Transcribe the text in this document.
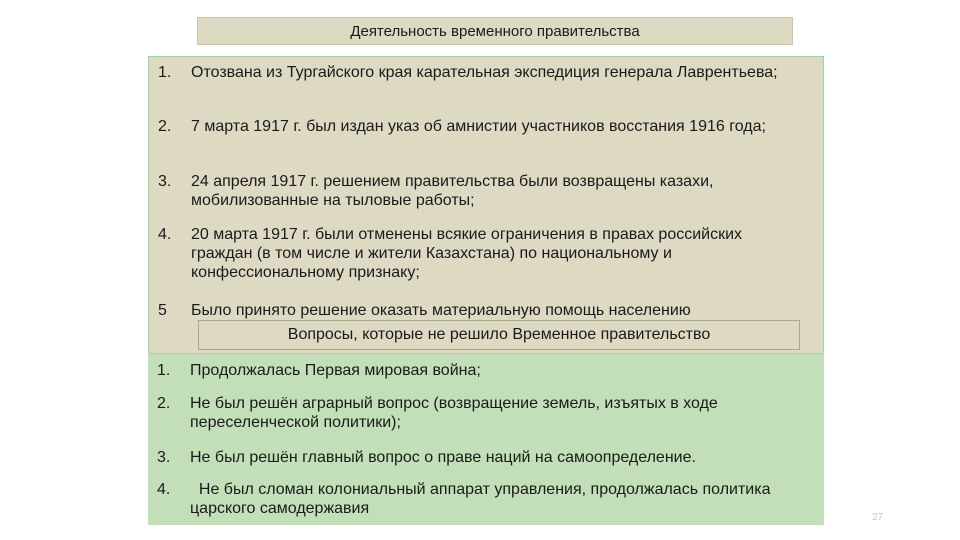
Деятельность временного правительства
1. Отозвана из Тургайского края карательная экспедиция генерала Лаврентьева;
2. 7 марта 1917 г. был издан указ об амнистии участников восстания 1916 года;
3. 24 апреля 1917 г. решением правительства были возвращены казахи, мобилизованные на тыловые работы;
4. 20 марта 1917 г. были отменены всякие ограничения в правах российских граждан (в том числе и жители Казахстана) по национальному и конфессиональному признаку;
5 Было принято решение оказать материальную помощь населению
Вопросы, которые не решило Временное правительство
1. Продолжалась Первая мировая война;
2. Не был решён аграрный вопрос (возвращение земель, изъятых в ходе переселенческой политики);
3. Не был решён главный вопрос о праве наций на самоопределение.
4. Не был сломан колониальный аппарат управления, продолжалась политика царского самодержавия
27
